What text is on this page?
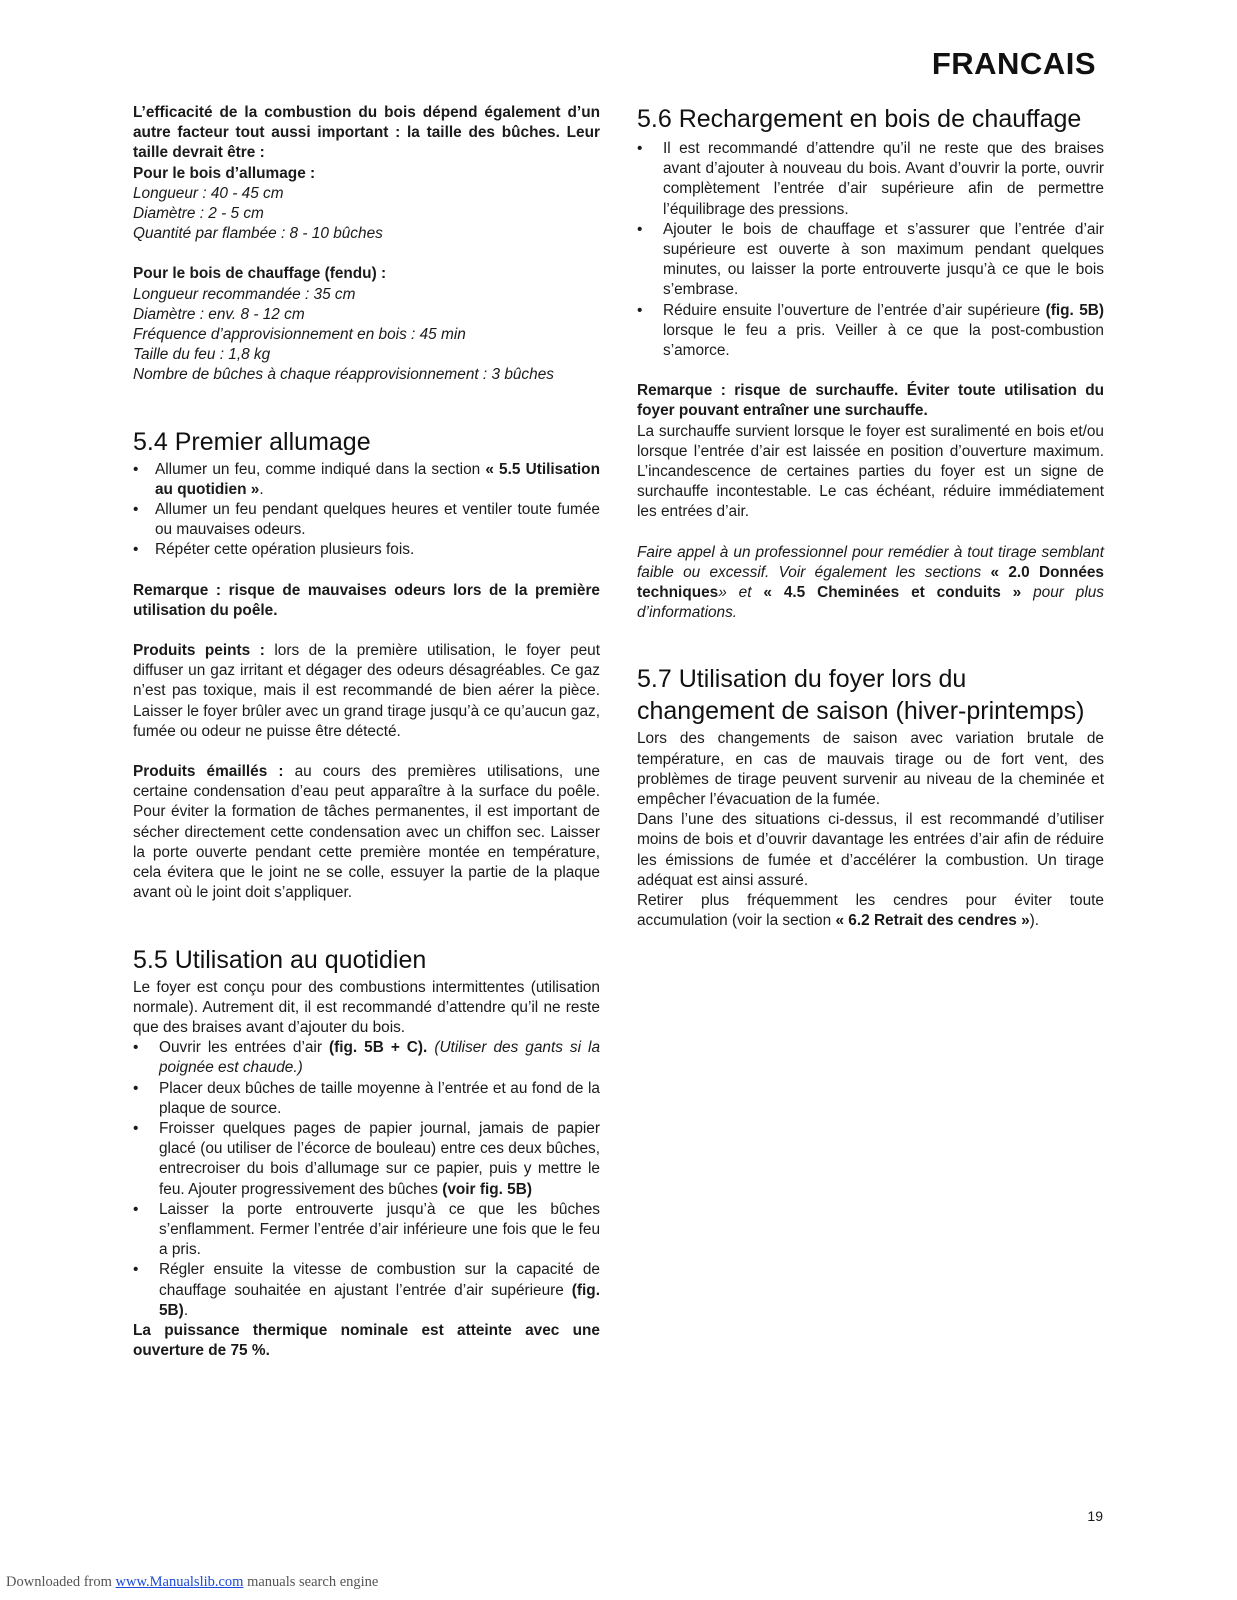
FRANCAIS

L’efficacité de la combustion du bois dépend également d’un autre facteur tout aussi important : la taille des bûches. Leur taille devrait être :

Pour le bois d’allumage :

Longueur : 40 - 45 cm

Diamètre : 2 - 5 cm

Quantité par flambée : 8 - 10 bûches

Pour le bois de chauffage (fendu) :

Longueur recommandée : 35 cm

Diamètre : env. 8 - 12 cm

Fréquence d’approvisionnement en bois : 45 min

Taille du feu : 1,8 kg

Nombre de bûches à chaque réapprovisionnement : 3 bûches

5.4 Premier allumage
• Allumer un feu, comme indiqué dans la section « 5.5 Utilisation au quotidien ».
• Allumer un feu pendant quelques heures et ventiler toute fumée ou mauvaises odeurs.
• Répéter cette opération plusieurs fois.

Remarque : risque de mauvaises odeurs lors de la première utilisation du poêle.

Produits peints : lors de la première utilisation, le foyer peut diffuser un gaz irritant et dégager des odeurs désagréables. Ce gaz n’est pas toxique, mais il est recommandé de bien aérer la pièce. Laisser le foyer brûler avec un grand tirage jusqu’à ce qu’aucun gaz, fumée ou odeur ne puisse être détecté.

Produits émaillés : au cours des premières utilisations, une certaine condensation d’eau peut apparaître à la surface du poêle. Pour éviter la formation de tâches permanentes, il est important de sécher directement cette condensation avec un chiffon sec. Laisser la porte ouverte pendant cette première montée en température, cela évitera que le joint ne se colle, essuyer la partie de la plaque avant où le joint doit s’appliquer.

5.5 Utilisation au quotidien

Le foyer est conçu pour des combustions intermittentes (utilisation normale). Autrement dit, il est recommandé d’attendre qu’il ne reste que des braises avant d’ajouter du bois.

• Ouvrir les entrées d’air (fig. 5B + C). (Utiliser des gants si la poignée est chaude.)
• Placer deux bûches de taille moyenne à l’entrée et au fond de la plaque de source.
• Froisser quelques pages de papier journal, jamais de papier glacé (ou utiliser de l’écorce de bouleau) entre ces deux bûches, entrecroiser du bois d’allumage sur ce papier, puis y mettre le feu. Ajouter progressivement des bûches (voir fig. 5B)
• Laisser la porte entrouverte jusqu’à ce que les bûches s’enflamment. Fermer l’entrée d’air inférieure une fois que le feu a pris.
• Régler ensuite la vitesse de combustion sur la capacité de chauffage souhaitée en ajustant l’entrée d’air supérieure (fig. 5B).

La puissance thermique nominale est atteinte avec une ouverture de 75 %.

5.6 Rechargement en bois de chauffage
• Il est recommandé d’attendre qu’il ne reste que des braises avant d’ajouter à nouveau du bois. Avant d’ouvrir la porte, ouvrir complètement l’entrée d’air supérieure afin de permettre l’équilibrage des pressions.
• Ajouter le bois de chauffage et s’assurer que l’entrée d’air supérieure est ouverte à son maximum pendant quelques minutes, ou laisser la porte entrouverte jusqu’à ce que le bois s’embrase.
• Réduire ensuite l’ouverture de l’entrée d’air supérieure (fig. 5B) lorsque le feu a pris. Veiller à ce que la post-combustion s’amorce.

Remarque : risque de surchauffe. Éviter toute utilisation du foyer pouvant entraîner une surchauffe.

La surchauffe survient lorsque le foyer est suralimenté en bois et/ou lorsque l’entrée d’air est laissée en position d’ouverture maximum. L’incandescence de certaines parties du foyer est un signe de surchauffe incontestable. Le cas échéant, réduire immédiatement les entrées d’air.

Faire appel à un professionnel pour remédier à tout tirage semblant faible ou excessif. Voir également les sections « 2.0 Données techniques» et « 4.5 Cheminées et conduits » pour plus d’informations.

5.7 Utilisation du foyer lors du changement de saison (hiver-printemps)

Lors des changements de saison avec variation brutale de température, en cas de mauvais tirage ou de fort vent, des problèmes de tirage peuvent survenir au niveau de la cheminée et empêcher l’évacuation de la fumée.

Dans l’une des situations ci-dessus, il est recommandé d’utiliser moins de bois et d’ouvrir davantage les entrées d’air afin de réduire les émissions de fumée et d’accélérer la combustion. Un tirage adéquat est ainsi assuré.

Retirer plus fréquemment les cendres pour éviter toute accumulation (voir la section « 6.2 Retrait des cendres »).

19
Downloaded from www.Manualslib.com manuals search engine
